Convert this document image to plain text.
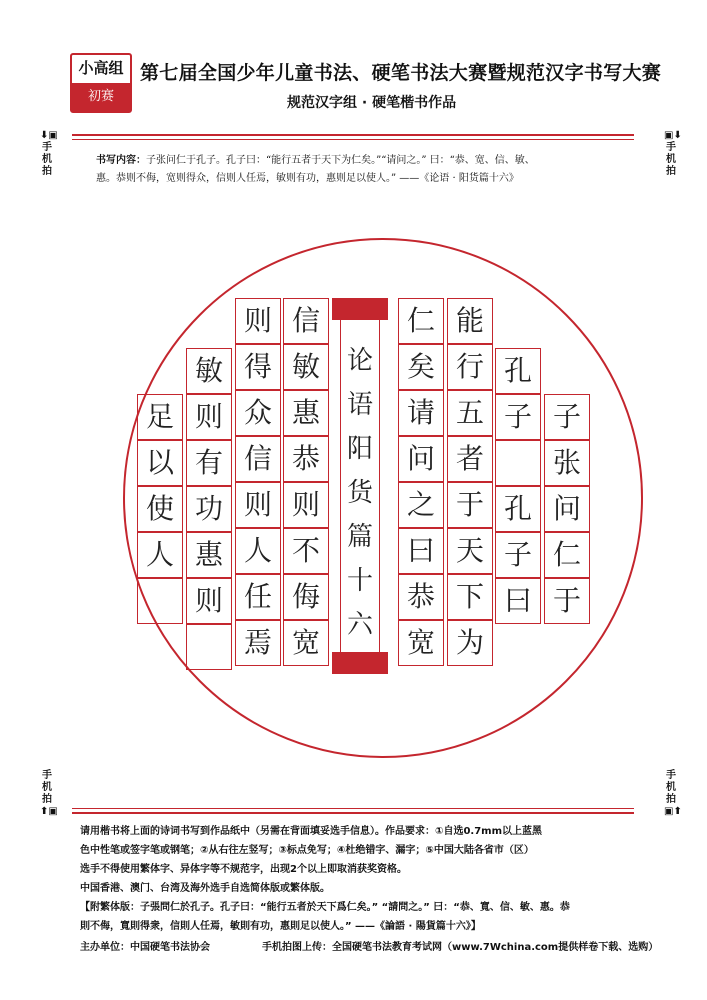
小高组
初赛
第七届全国少年儿童书法、硬笔书法大赛暨规范汉字书写大赛
规范汉字组 · 硬笔楷书作品
⬇▣
手
机
拍
▣⬇
手
机
拍
书写内容：子张问仁于孔子。孔子曰：“能行五者于天下为仁矣。”“请问之。” 曰：“恭、宽、信、敏、
惠。恭则不侮，宽则得众，信则人任焉，敏则有功，惠则足以使人。” ——《论语 · 阳货篇十六》
子
张
问
仁
于
孔
子
孔
子
曰
能
行
五
者
于
天
下
为
仁
矣
请
问
之
曰
恭
宽
信
敏
惠
恭
则
不
侮
宽
则
得
众
信
则
人
任
焉
敏
则
有
功
惠
则
足
以
使
人
论
语
阳
货
篇
十
六
手
机
拍
⬆▣
手
机
拍
▣⬆
请用楷书将上面的诗词书写到作品纸中（另需在背面填妥选手信息）。作品要求：①自选0.7mm以上蓝黑
色中性笔或签字笔或钢笔；②从右往左竖写；③标点免写；④杜绝错字、漏字；⑤中国大陆各省市（区）
选手不得使用繁体字、异体字等不规范字，出现2个以上即取消获奖资格。
中国香港、澳门、台湾及海外选手自选简体版或繁体版。
【附繁体版：子張問仁於孔子。孔子曰：“能行五者於天下爲仁矣。” “請問之。” 曰：“恭、寬、信、敏、惠。恭
則不侮，寬則得衆，信則人任焉，敏則有功，惠則足以使人。” ——《論語 · 陽貨篇十六》】
主办单位：中国硬笔书法协会	手机拍图上传：全国硬笔书法教育考试网（www.7Wchina.com提供样卷下载、选购）
